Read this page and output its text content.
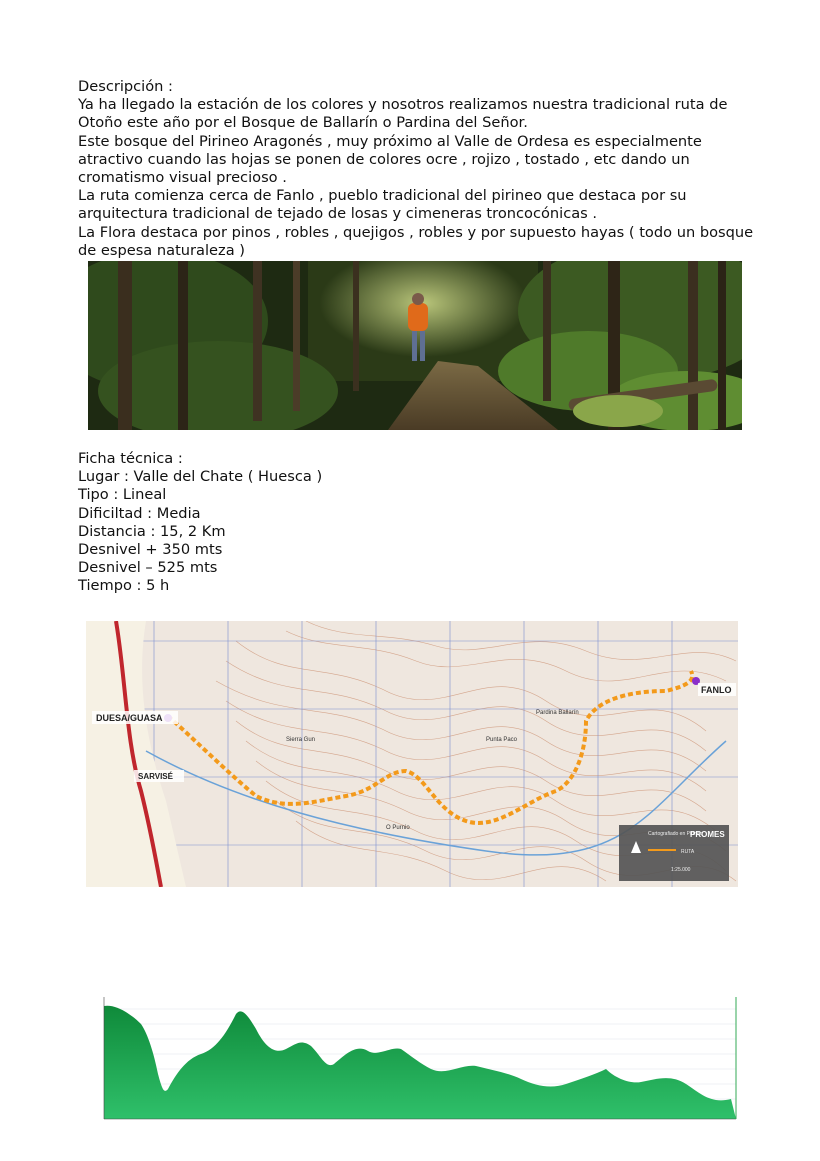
Descripción :

Ya ha llegado la estación de los colores y nosotros realizamos nuestra tradicional ruta de Otoño este año por el Bosque de Ballarín o Pardina del Señor.

Este bosque del Pirineo Aragonés , muy próximo al Valle de Ordesa es especialmente atractivo cuando las hojas se ponen de colores ocre , rojizo , tostado , etc dando un cromatismo visual precioso .

La ruta comienza cerca de Fanlo , pueblo tradicional del pirineo que destaca por su arquitectura tradicional de tejado de losas y cimeneras troncocónicas .

La Flora destaca por pinos , robles , quejigos , robles y por supuesto hayas ( todo un bosque de espesa naturaleza )

Ficha técnica :

Lugar : Valle del Chate ( Huesca )

Tipo : Lineal

Dificiltad : Media

Distancia : 15, 2 Km

Desnivel + 350 mts

Desnivel – 525 mts

Tiempo : 5 h

DUESA/GUASA
SARVISÉ
FANLO
Pardina Ballarín
Punta Paco
Sierra Gun
O Purnio
Cartografiado en Pirineo
PROMES
RUTA
1:25.000
